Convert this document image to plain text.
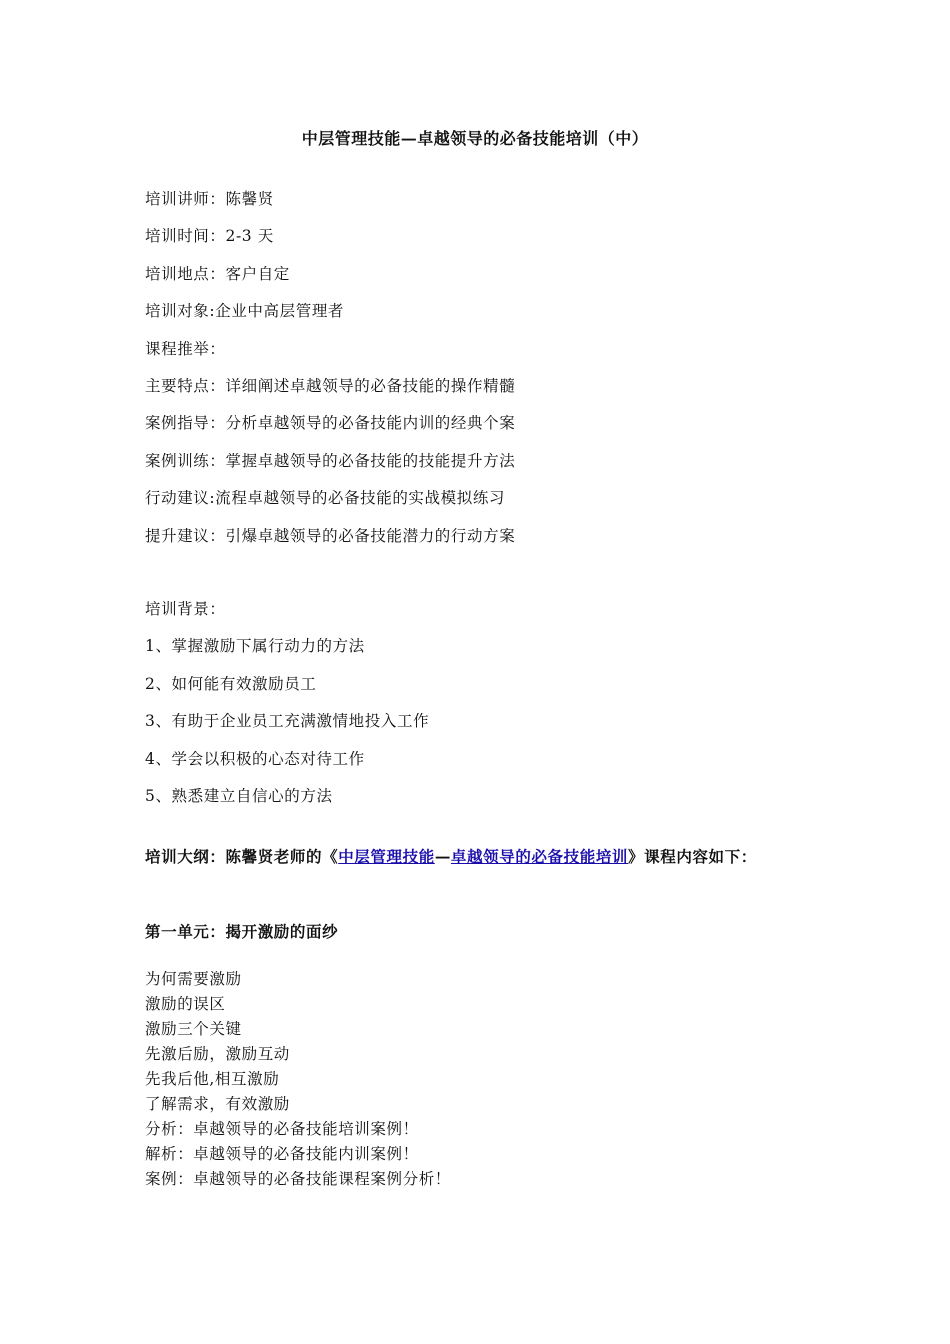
中层管理技能—卓越领导的必备技能培训（中）
培训讲师：陈馨贤
培训时间：2-3 天
培训地点：客户自定
培训对象:企业中高层管理者
课程推举：
主要特点：详细阐述卓越领导的必备技能的操作精髓
案例指导：分析卓越领导的必备技能内训的经典个案
案例训练：掌握卓越领导的必备技能的技能提升方法
行动建议:流程卓越领导的必备技能的实战模拟练习
提升建议：引爆卓越领导的必备技能潜力的行动方案
培训背景：
1、掌握激励下属行动力的方法
2、如何能有效激励员工
3、有助于企业员工充满激情地投入工作
4、学会以积极的心态对待工作
5、熟悉建立自信心的方法
培训大纲：陈馨贤老师的《中层管理技能—卓越领导的必备技能培训》课程内容如下：
第一单元：揭开激励的面纱
为何需要激励
激励的误区
激励三个关键
先激后励，激励互动
先我后他,相互激励
了解需求，有效激励
分析：卓越领导的必备技能培训案例！
解析：卓越领导的必备技能内训案例！
案例：卓越领导的必备技能课程案例分析！
